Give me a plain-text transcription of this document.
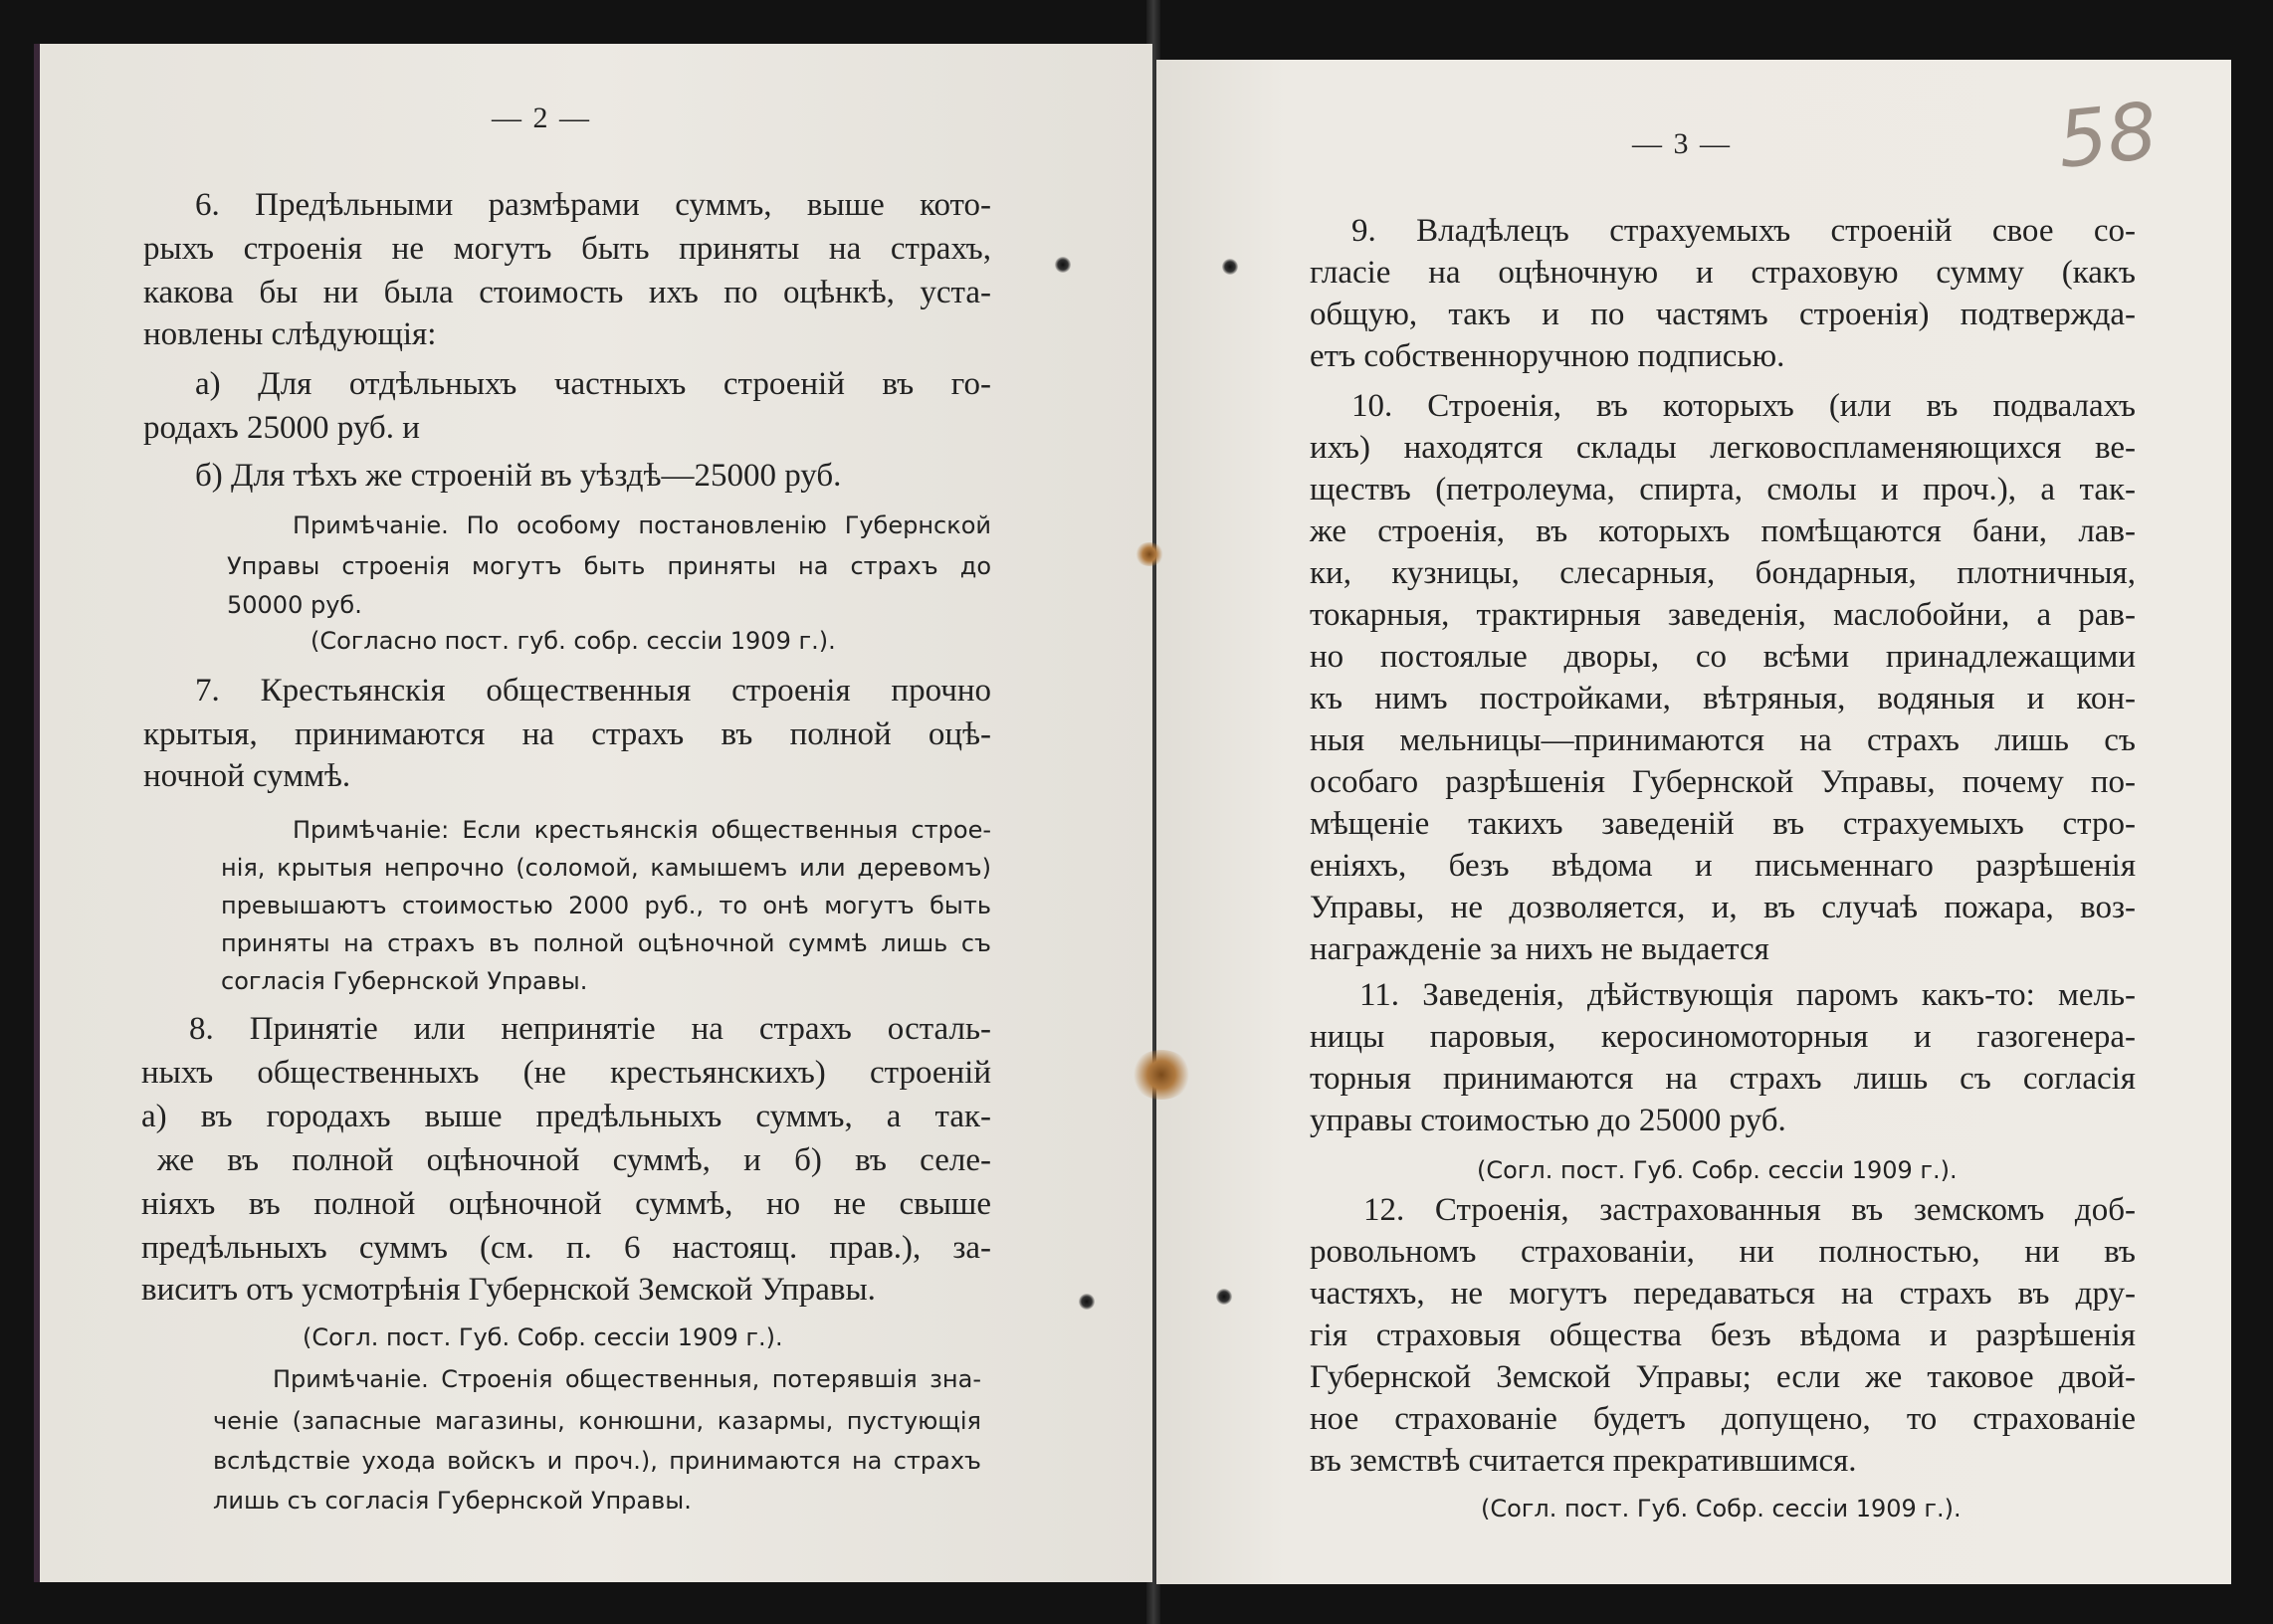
— 2 —
— 3 —	58
6. Предѣльными размѣрами суммъ, выше кото-
рыхъ строенія не могутъ быть приняты на страхъ,
какова бы ни была стоимость ихъ по оцѣнкѣ, уста-
новлены слѣдующія:
а) Для отдѣльныхъ частныхъ строеній въ го-
родахъ 25000 руб. и
б) Для тѣхъ же строеній въ уѣздѣ—25000 руб.
Примѣчаніе. По особому постановленію Губернской
Управы строенія могутъ быть приняты на страхъ до
50000 руб.
(Согласно пост. губ. собр. сессіи 1909 г.).
7. Крестьянскія общественныя строенія прочно
крытыя, принимаются на страхъ въ полной оцѣ-
ночной суммѣ.
Примѣчаніе: Если крестьянскія общественныя строе-
нія, крытыя непрочно (соломой, камышемъ или деревомъ)
превышаютъ стоимостью 2000 руб., то онѣ могутъ быть
приняты на страхъ въ полной оцѣночной суммѣ лишь съ
согласія Губернской Управы.
8. Принятіе или непринятіе на страхъ осталь-
ныхъ общественныхъ (не крестьянскихъ) строеній
а) въ городахъ выше предѣльныхъ суммъ, а так-
же въ полной оцѣночной суммѣ, и б) въ селе-
ніяхъ въ полной оцѣночной суммѣ, но не свыше
предѣльныхъ суммъ (см. п. 6 настоящ. прав.), за-
виситъ отъ усмотрѣнія Губернской Земской Управы.
(Согл. пост. Губ. Собр. сессіи 1909 г.).
Примѣчаніе. Строенія общественныя, потерявшія зна-
ченіе (запасные магазины, конюшни, казармы, пустующія
вслѣдствіе ухода войскъ и проч.), принимаются на страхъ
лишь съ согласія Губернской Управы.
9. Владѣлецъ страхуемыхъ строеній свое со-
гласіе на оцѣночную и страховую сумму (какъ
общую, такъ и по частямъ строенія) подтвержда-
етъ собственноручною подписью.
10. Строенія, въ которыхъ (или въ подвалахъ
ихъ) находятся склады легковоспламеняющихся ве-
ществъ (петролеума, спирта, смолы и проч.), а так-
же строенія, въ которыхъ помѣщаются бани, лав-
ки, кузницы, слесарныя, бондарныя, плотничныя,
токарныя, трактирныя заведенія, маслобойни, а рав-
но постоялые дворы, со всѣми принадлежащими
къ нимъ постройками, вѣтряныя, водяныя и кон-
ныя мельницы—принимаются на страхъ лишь съ
особаго разрѣшенія Губернской Управы, почему по-
мѣщеніе такихъ заведеній въ страхуемыхъ стро-
еніяхъ, безъ вѣдома и письменнаго разрѣшенія
Управы, не дозволяется, и, въ случаѣ пожара, воз-
награжденіе за нихъ не выдается
11. Заведенія, дѣйствующія паромъ какъ-то: мель-
ницы паровыя, керосиномоторныя и газогенера-
торныя принимаются на страхъ лишь съ согласія
управы стоимостью до 25000 руб.
(Согл. пост. Губ. Собр. сессіи 1909 г.).
12. Строенія, застрахованныя въ земскомъ доб-
ровольномъ страхованіи, ни полностью, ни въ
частяхъ, не могутъ передаваться на страхъ въ дру-
гія страховыя общества безъ вѣдома и разрѣшенія
Губернской Земской Управы; если же таковое двой-
ное страхованіе будетъ допущено, то страхованіе
въ земствѣ считается прекратившимся.
(Согл. пост. Губ. Собр. сессіи 1909 г.).
